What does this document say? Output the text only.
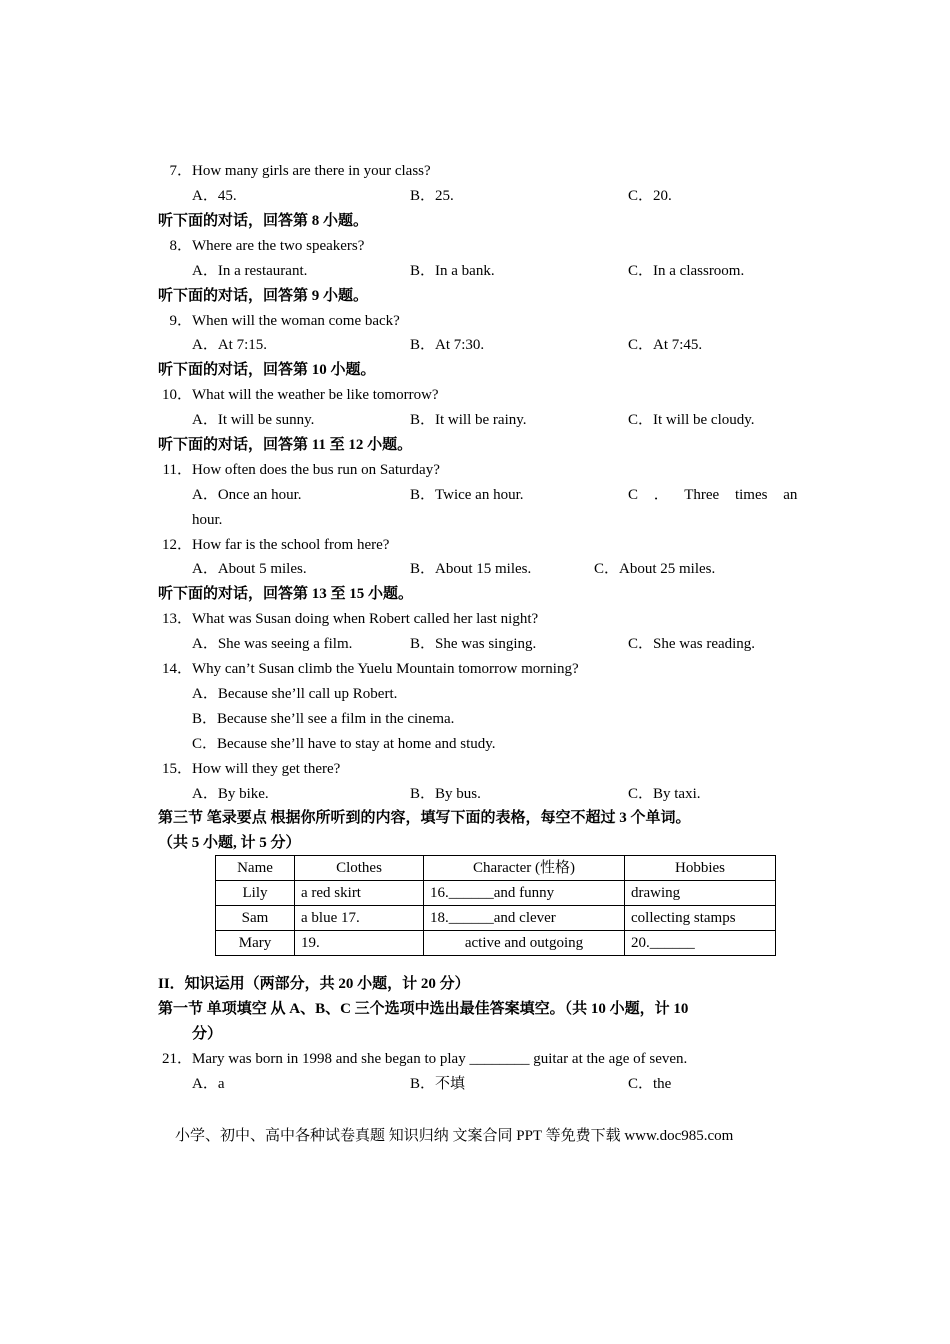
7． How many girls are there in your class?
A．45.	B．25.	C．20.
听下面的对话，回答第 8 小题。
8． Where are the two speakers?
A．In a restaurant.	B．In a bank.	C．In a classroom.
听下面的对话，回答第 9 小题。
9． When will the woman come back?
A．At 7:15.	B．At 7:30.	C．At 7:45.
听下面的对话，回答第 10 小题。
10． What will the weather be like tomorrow?
A．It will be sunny.	B．It will be rainy.	C．It will be cloudy.
听下面的对话，回答第 11 至 12 小题。
11． How often does the bus run on Saturday?
A．Once an hour.	B．Twice an hour.	C ． Three times an
hour.
12． How far is the school from here?
A．About 5 miles.	B．About 15 miles.	C．About 25 miles.
听下面的对话，回答第 13 至 15 小题。
13． What was Susan doing when Robert called her last night?
A．She was seeing a film.	B．She was singing.	C．She was reading.
14． Why can’t Susan climb the Yuelu Mountain tomorrow morning?
A．Because she’ll call up Robert.
B．Because she’ll see a film in the cinema.
C．Because she’ll have to stay at home and study.
15． How will they get there?
A．By bike.	B．By bus.	C．By taxi.
第三节 笔录要点 根据你所听到的内容，填写下面的表格，每空不超过 3 个单词。
（共 5 小题, 计 5 分）
Name	Clothes	Character (性格)	Hobbies
Lily	a red skirt	16.______and funny	drawing
Sam	a blue 17.	18.______and clever	collecting stamps
Mary	19.	active and outgoing	20.______
II．知识运用（两部分，共 20 小题，计 20 分）
第一节 单项填空 从 A、B、C 三个选项中选出最佳答案填空。（共 10 小题，计 10
分）
21． Mary was born in 1998 and she began to play ________ guitar at the age of seven.
A．a	B．不填	C．the
小学、初中、高中各种试卷真题 知识归纳 文案合同 PPT 等免费下载 www.doc985.com
